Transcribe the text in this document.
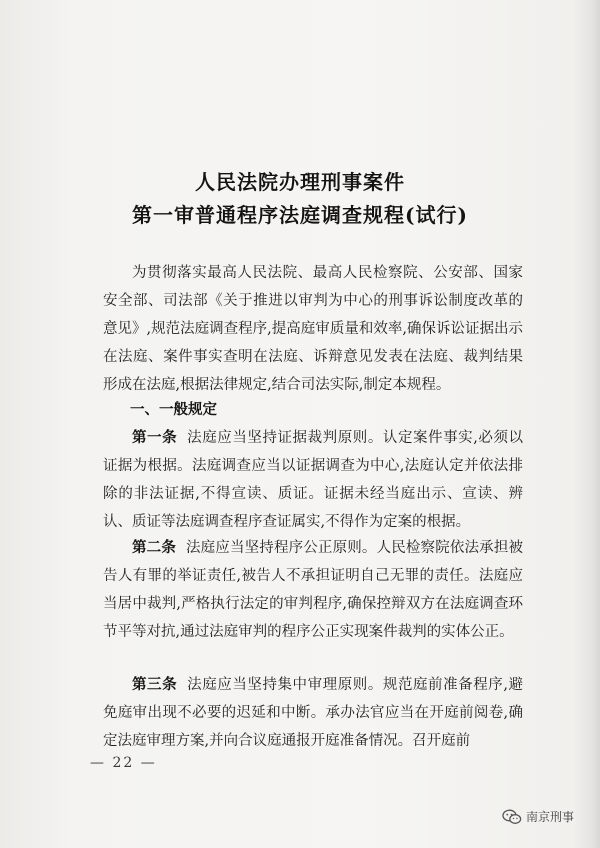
人民法院办理刑事案件
第一审普通程序法庭调查规程(试行)

为贯彻落实最高人民法院、最高人民检察院、公安部、国家安全部、司法部《关于推进以审判为中心的刑事诉讼制度改革的意见》,规范法庭调查程序,提高庭审质量和效率,确保诉讼证据出示在法庭、案件事实查明在法庭、诉辩意见发表在法庭、裁判结果形成在法庭,根据法律规定,结合司法实际,制定本规程。

一、一般规定

第一条 法庭应当坚持证据裁判原则。认定案件事实,必须以证据为根据。法庭调查应当以证据调查为中心,法庭认定并依法排除的非法证据,不得宣读、质证。证据未经当庭出示、宣读、辨认、质证等法庭调查程序查证属实,不得作为定案的根据。

第二条 法庭应当坚持程序公正原则。人民检察院依法承担被告人有罪的举证责任,被告人不承担证明自己无罪的责任。法庭应当居中裁判,严格执行法定的审判程序,确保控辩双方在法庭调查环节平等对抗,通过法庭审判的程序公正实现案件裁判的实体公正。

第三条 法庭应当坚持集中审理原则。规范庭前准备程序,避免庭审出现不必要的迟延和中断。承办法官应当在开庭前阅卷,确定法庭审理方案,并向合议庭通报开庭准备情况。召开庭前

— 22 —
南京刑事
